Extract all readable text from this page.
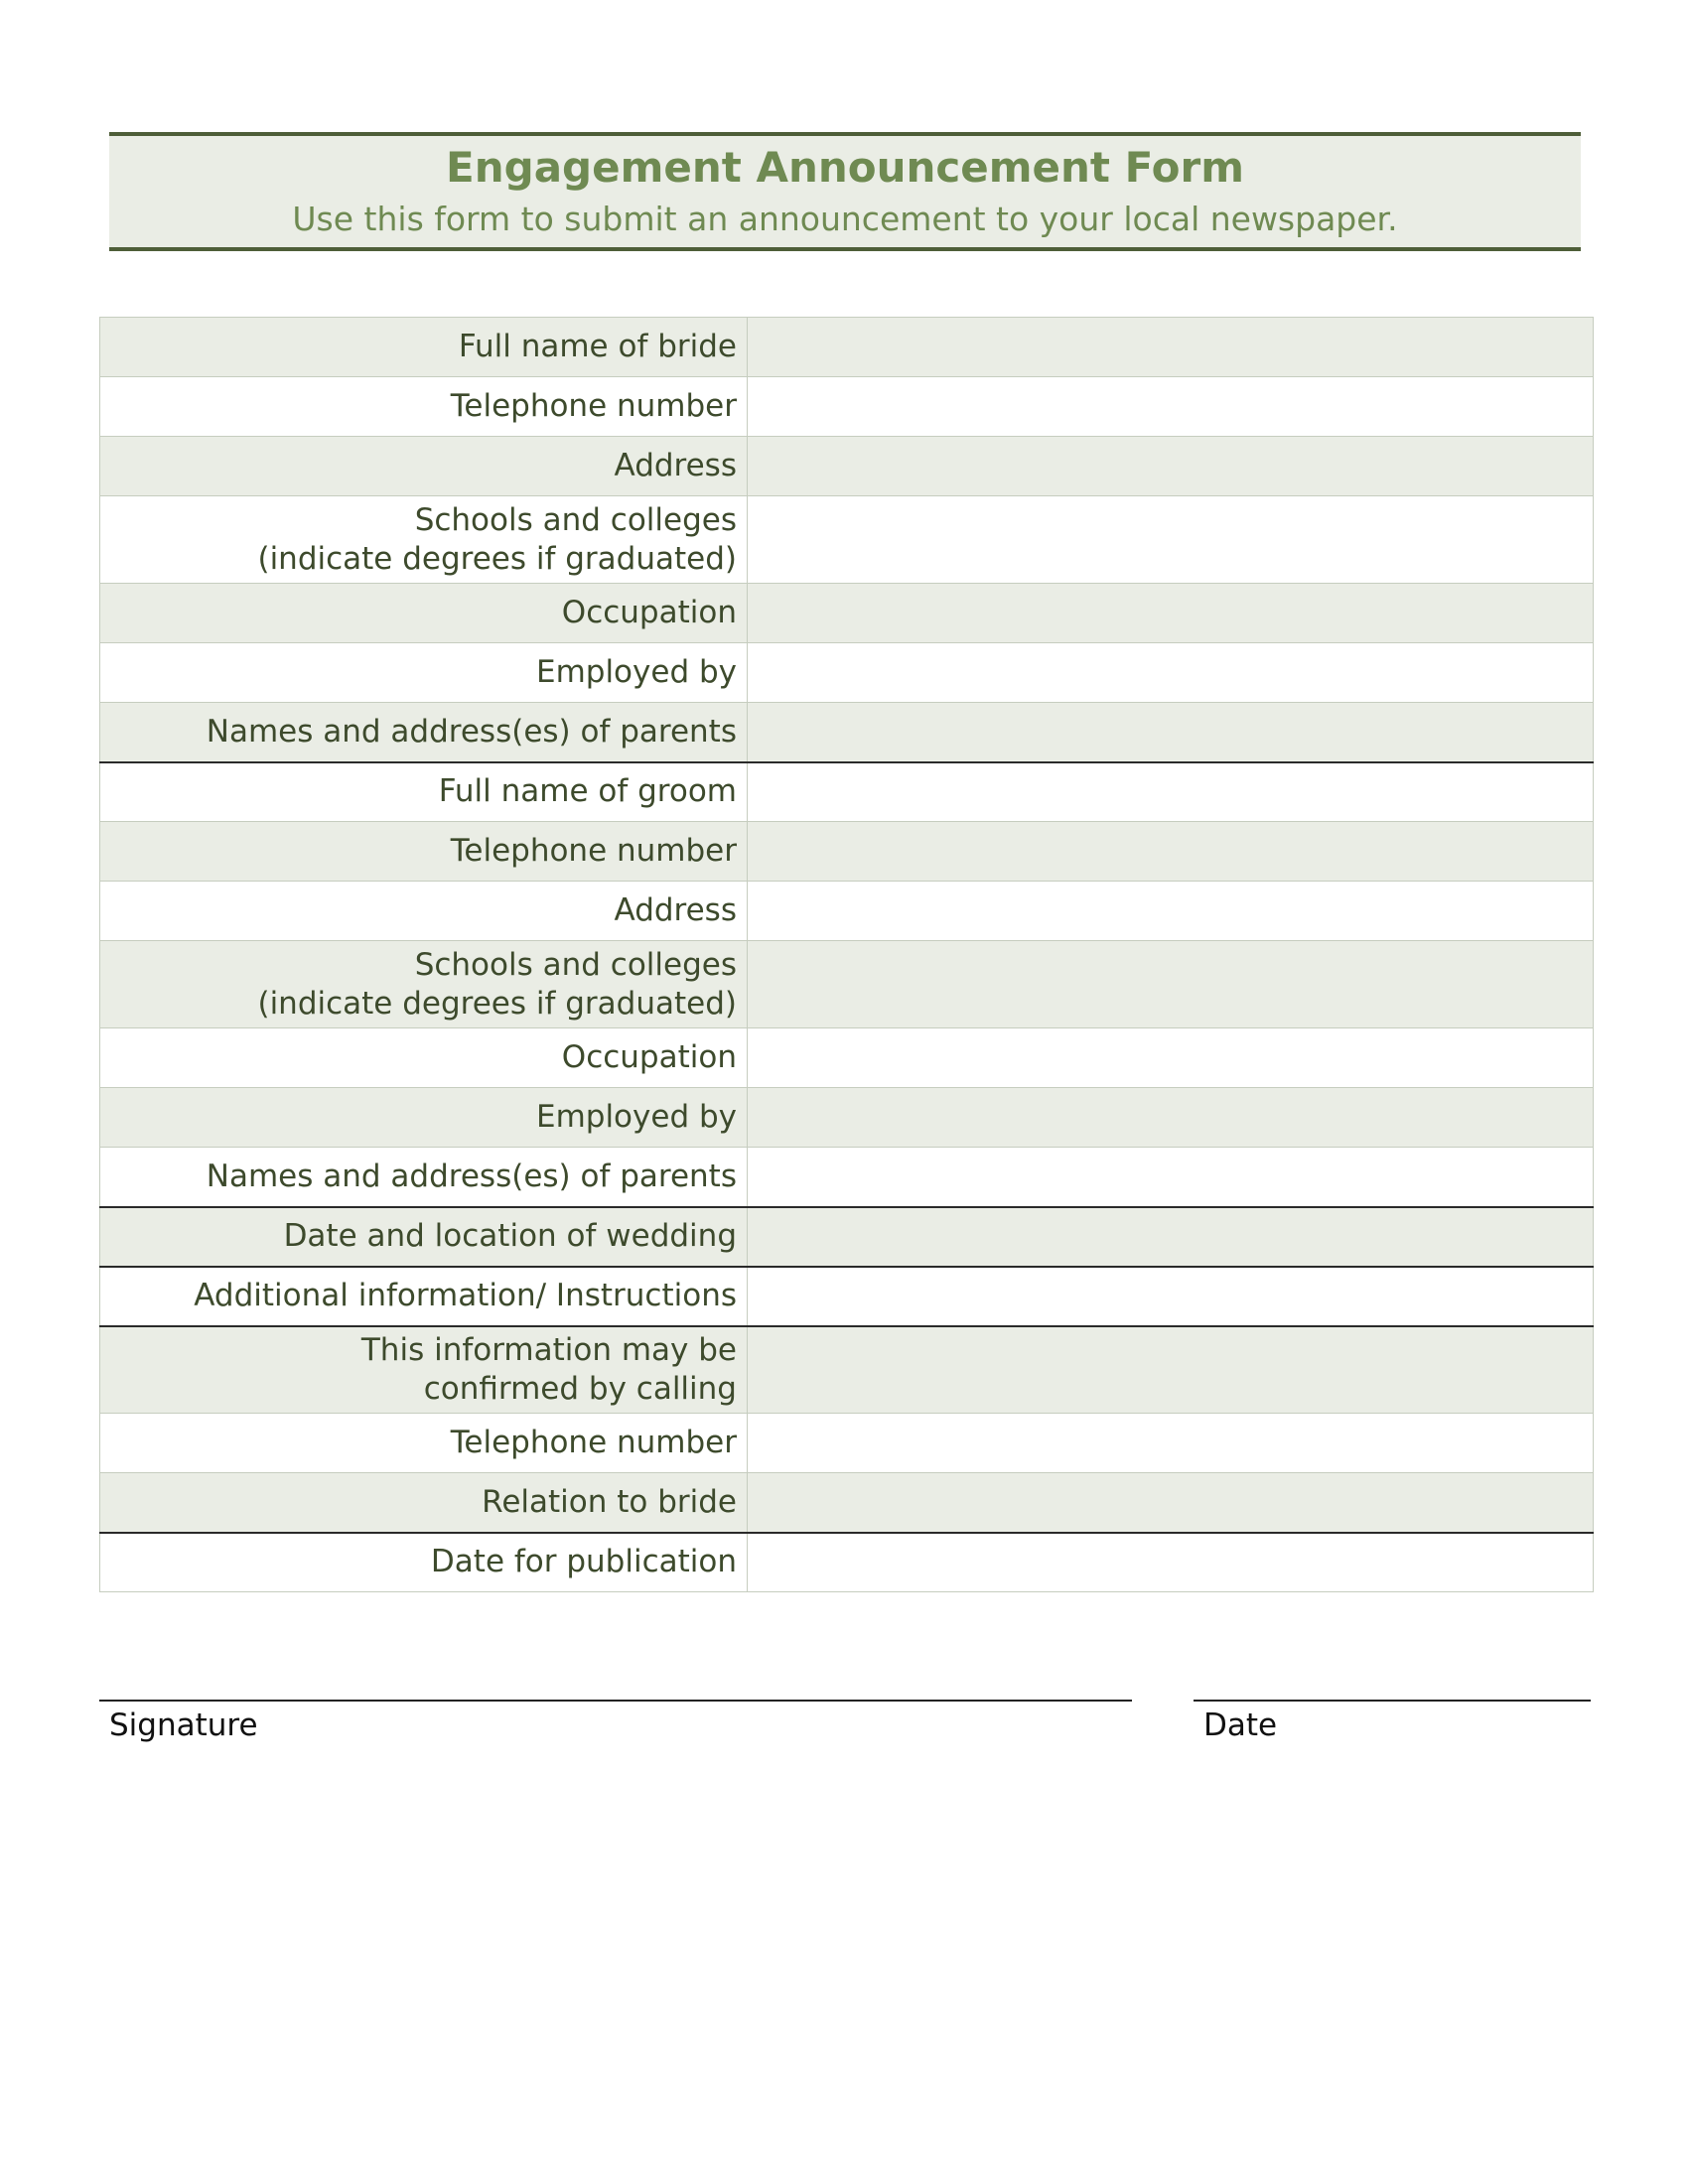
Engagement Announcement Form
Use this form to submit an announcement to your local newspaper.
Full name of bride	
Telephone number	
Address	
Schools and colleges
(indicate degrees if graduated)	
Occupation	
Employed by	
Names and address(es) of parents	
Full name of groom	
Telephone number	
Address	
Schools and colleges
(indicate degrees if graduated)	
Occupation	
Employed by	
Names and address(es) of parents	
Date and location of wedding	
Additional information/ Instructions	
This information may be
confirmed by calling	
Telephone number	
Relation to bride	
Date for publication	
Signature	Date
